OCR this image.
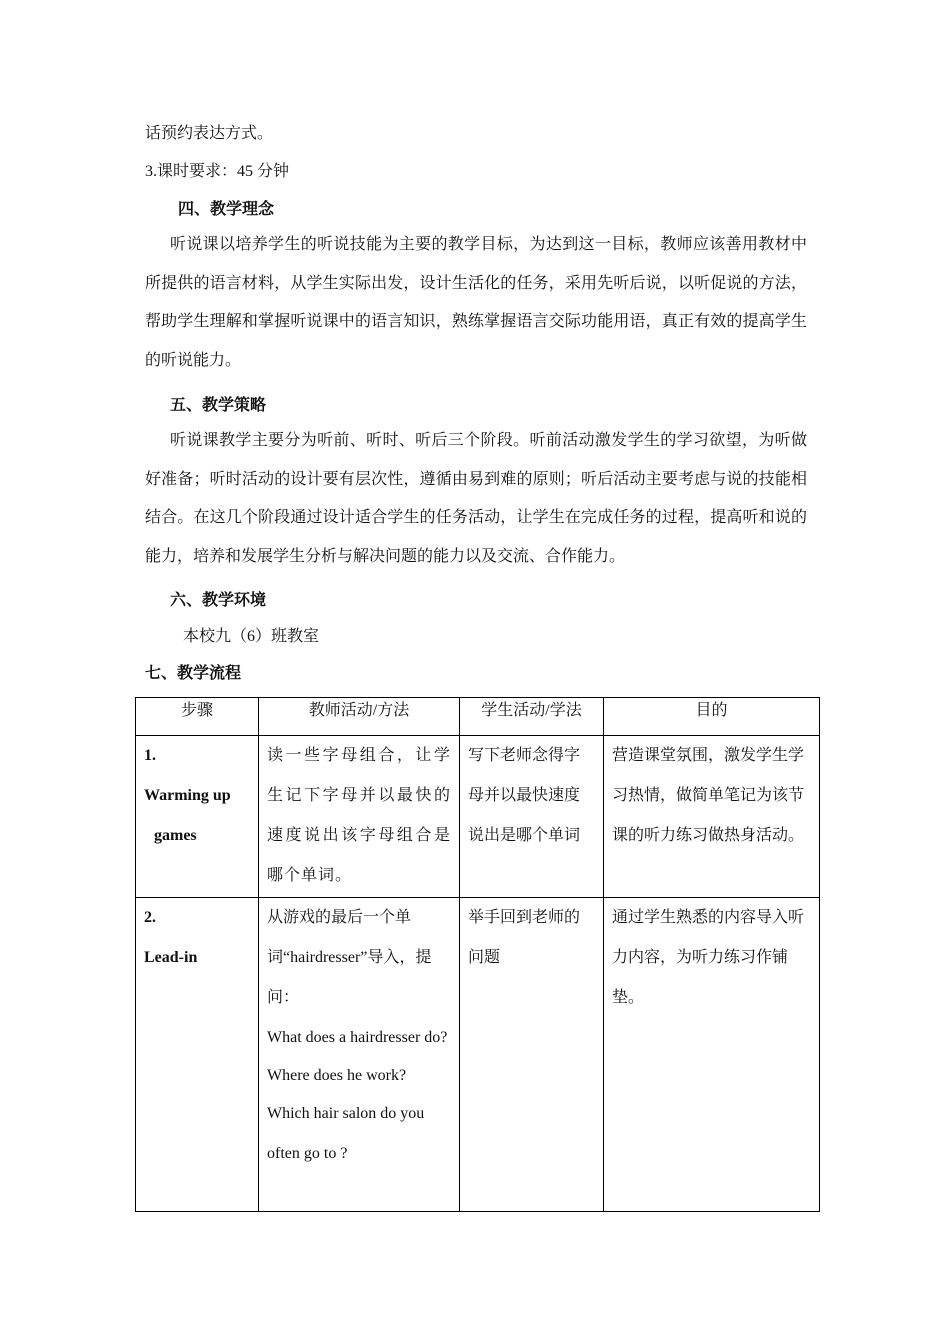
话预约表达方式。
3.课时要求：45 分钟
四、教学理念
听说课以培养学生的听说技能为主要的教学目标，为达到这一目标，教师应该善用教材中所提供的语言材料，从学生实际出发，设计生活化的任务，采用先听后说，以听促说的方法，帮助学生理解和掌握听说课中的语言知识，熟练掌握语言交际功能用语，真正有效的提高学生的听说能力。
五、教学策略
听说课教学主要分为听前、听时、听后三个阶段。听前活动激发学生的学习欲望，为听做好准备；听时活动的设计要有层次性，遵循由易到难的原则；听后活动主要考虑与说的技能相结合。在这几个阶段通过设计适合学生的任务活动，让学生在完成任务的过程，提高听和说的能力，培养和发展学生分析与解决问题的能力以及交流、合作能力。
六、教学环境
本校九（6）班教室
七、教学流程
步骤	教师活动/方法	学生活动/学法	目的

1.
Warming up
games	读一些字母组合，让学生记下字母并以最快的速度说出该字母组合是哪个单词。	写下老师念得字母并以最快速度说出是哪个单词	营造课堂氛围，激发学生学习热情，做简单笔记为该节课的听力练习做热身活动。

2.
Lead-in	从游戏的最后一个单词“hairdresser”导入，提问：
What does a hairdresser do?
Where does he work?
Which hair salon do you often go to ?	举手回到老师的问题	通过学生熟悉的内容导入听力内容，为听力练习作铺垫。
